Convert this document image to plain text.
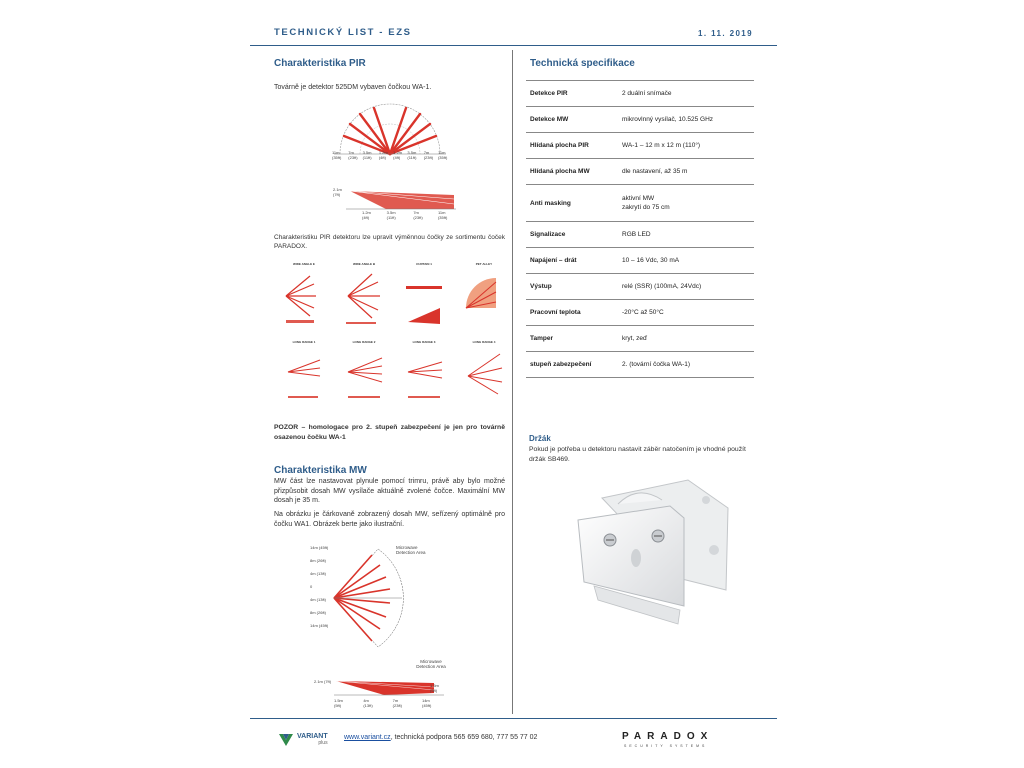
TECHNICKÝ LIST - EZS	1. 11. 2019
Charakteristika PIR

Továrně je detektor 525DM vybaven čočkou WA-1.

11m (35ft)
7m (23ft)
3.5m (11ft)
1.2m (4ft)
1.2m (4ft)
3.5m (11ft)
7m (23ft)
11m (35ft)
2.1m (7ft)
1.2m (4ft)
3.5m (11ft)
7m (23ft)
11m (35ft)

Charakteristiku PIR detektoru lze upravit výměnnou čočky ze sortimentu čoček PARADOX.

WIDE ANGLE E	WIDE ANGLE B	CURTAIN 1	PET ALLEY
LONG RANGE 1	LONG RANGE 2	LONG RANGE 3	LONG RANGE 4

POZOR – homologace pro 2. stupeň zabezpečení je jen pro továrně osazenou čočku WA-1

Charakteristika MW

MW část lze nastavovat plynule pomocí trimru, právě aby bylo možné přizpůsobit dosah MW vysílače aktuálně zvolené čočce. Maximální MW dosah je 35 m.

Na obrázku je čárkovaně zobrazený dosah MW, seřízený optimálně pro čočku WA1. Obrázek berte jako ilustrační.

14m (45ft)
8m (26ft)
4m (13ft)
0
4m (13ft)
8m (26ft)
14m (45ft)
Microwave Detection Area
Microwave Detection Area
2.1m (7ft)
1.5m (5ft)
1.5m (5ft)
4m (13ft)
7m (23ft)
14m (45ft)
Technická specifikace
Detekce PIR	2 duální snímače
Detekce MW	mikrovlnný vysílač, 10.525 GHz
Hlídaná plocha PIR	WA-1 – 12 m x 12 m (110°)
Hlídaná plocha MW	dle nastavení, až 35 m
Anti masking	aktivní MW
zakrytí do 75 cm
Signalizace	RGB LED
Napájení – drát	10 – 16 Vdc, 30 mA
Výstup	relé (SSR) (100mA, 24Vdc)
Pracovní teplota	-20°C až 50°C
Tamper	kryt, zeď
stupeň zabezpečení	2. (tovární čočka WA-1)
Držák

Pokud je potřeba u detektoru nastavit záběr natočením je vhodné použít držák SB469.

VARIANT
plus
www.variant.cz, technická podpora 565 659 680, 777 55 77 02	PARADOX
SECURITY SYSTEMS
